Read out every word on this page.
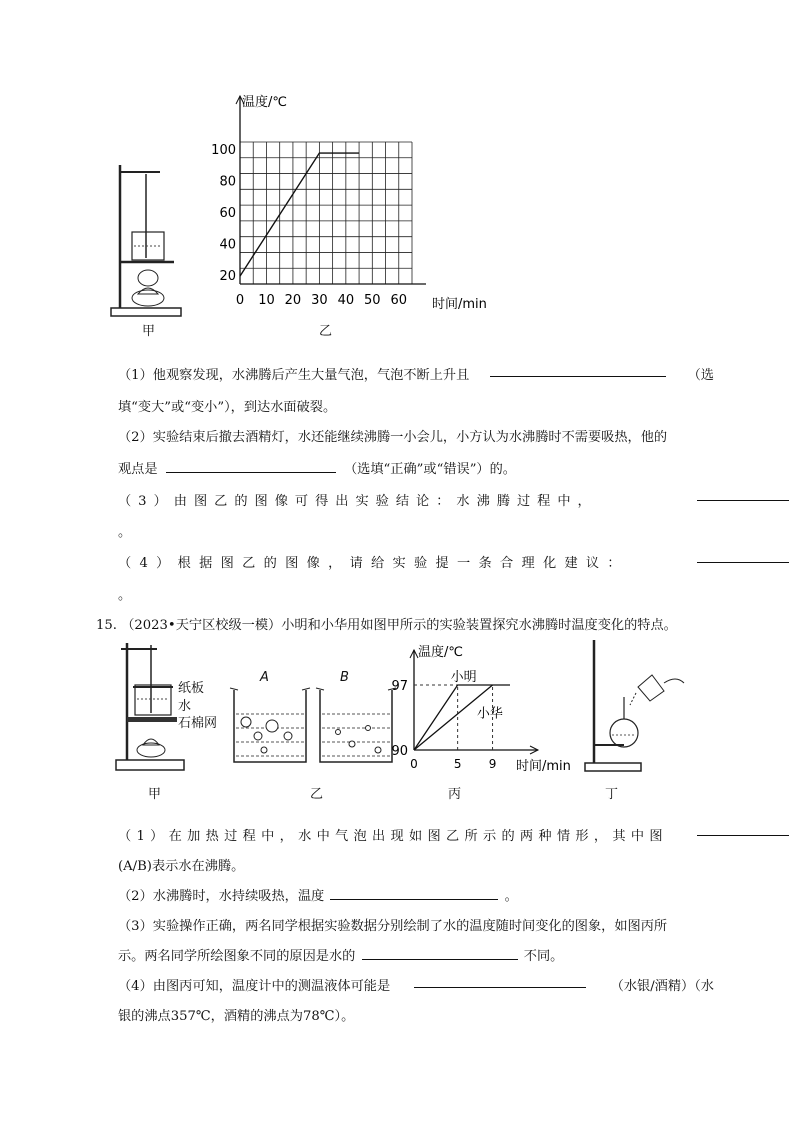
甲
20
40
60
80
100
0 10 20 30 40 50 60
温度/℃
时间/min
乙
（1）他观察发现，水沸腾后产生大量气泡，气泡不断上升且	（选
填“变大”或“变小”），到达水面破裂。
（2）实验结束后撤去酒精灯，水还能继续沸腾一小会儿，小方认为水沸腾时不需要吸热，他的
观点是	（选填“正确”或“错误”）的。
（3）由图乙的图像可得出实验结论：水沸腾过程中，
。
（4）根据图乙的图像，请给实验提一条合理化建议：
。
15. （2023•天宁区校级一模）小明和小华用如图甲所示的实验装置探究水沸腾时温度变化的特点。
纸板
水
石棉网
甲
A	B
乙
90
97
0	5 9
小明
小华
温度/℃
时间/min
丙	丁
（1）在加热过程中，水中气泡出现如图乙所示的两种情形，其中图
(A/B)表示水在沸腾。
（2）水沸腾时，水持续吸热，温度	。
（3）实验操作正确，两名同学根据实验数据分别绘制了水的温度随时间变化的图象，如图丙所
示。两名同学所绘图象不同的原因是水的	不同。
（4）由图丙可知，温度计中的测温液体可能是	（水银/酒精）（水
银的沸点357℃，酒精的沸点为78℃）。
